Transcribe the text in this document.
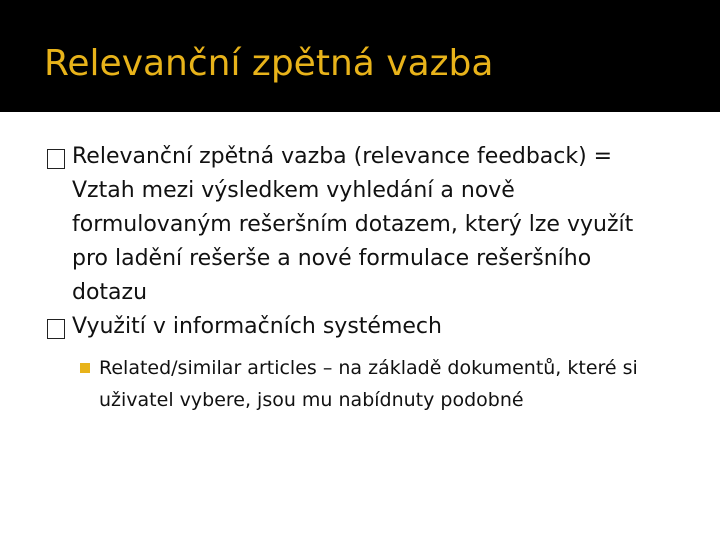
Relevanční zpětná vazba

Relevanční zpětná vazba (relevance feedback) = Vztah mezi výsledkem vyhledání a nově formulovaným rešeršním dotazem, který lze využít pro ladění rešerše a nové formulace rešeršního dotazu

Využití v informačních systémech

Related/similar articles – na základě dokumentů, které si uživatel vybere, jsou mu nabídnuty podobné
